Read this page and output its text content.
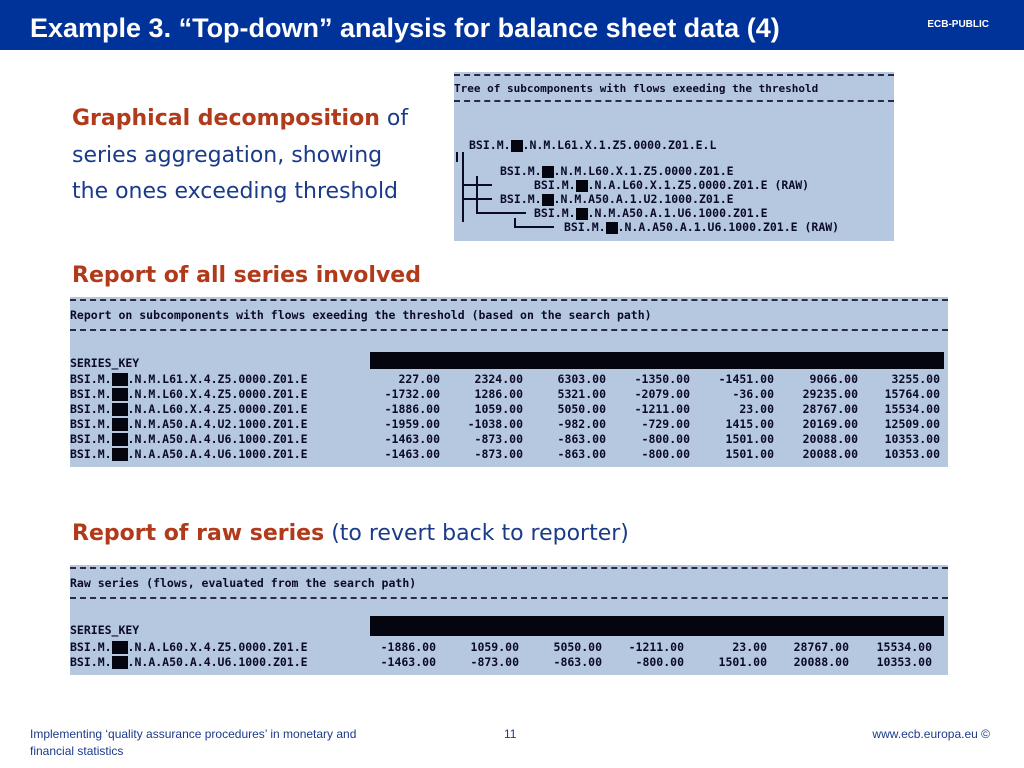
Example 3. “Top-down” analysis for balance sheet data (4)	ECB-PUBLIC
Graphical decomposition of
series aggregation, showing
the ones exceeding threshold
Tree of subcomponents with flows exeeding the threshold
BSI.M. .N.M.L61.X.1.Z5.0000.Z01.E.L
BSI.M. .N.M.L60.X.1.Z5.0000.Z01.E
BSI.M. .N.A.L60.X.1.Z5.0000.Z01.E (RAW)
BSI.M. .N.M.A50.A.1.U2.1000.Z01.E
BSI.M. .N.M.A50.A.1.U6.1000.Z01.E
BSI.M. .N.A.A50.A.1.U6.1000.Z01.E (RAW)
Report of all series involved
Report on subcomponents with flows exeeding the threshold (based on the search path)
SERIES_KEY
BSI.M. .N.M.L61.X.4.Z5.0000.Z01.E	227.00	2324.00	6303.00 -1350.00 -1451.00	9066.00	3255.00
BSI.M. .N.M.L60.X.4.Z5.0000.Z01.E	-1732.00	1286.00	5321.00 -2079.00	-36.00 29235.00 15764.00
BSI.M. .N.A.L60.X.4.Z5.0000.Z01.E	-1886.00	1059.00	5050.00 -1211.00	23.00 28767.00 15534.00
BSI.M. .N.M.A50.A.4.U2.1000.Z01.E	-1959.00 -1038.00	-982.00	-729.00	1415.00 20169.00 12509.00
BSI.M. .N.M.A50.A.4.U6.1000.Z01.E	-1463.00	-873.00	-863.00	-800.00	1501.00 20088.00 10353.00
BSI.M. .N.A.A50.A.4.U6.1000.Z01.E	-1463.00	-873.00	-863.00	-800.00	1501.00 20088.00 10353.00
Report of raw series (to revert back to reporter)
Raw series (flows, evaluated from the search path)
SERIES_KEY
BSI.M. .N.A.L60.X.4.Z5.0000.Z01.E	-1886.00	1059.00	5050.00 -1211.00	23.00 28767.00 15534.00
BSI.M. .N.A.A50.A.4.U6.1000.Z01.E	-1463.00	-873.00	-863.00	-800.00	1501.00 20088.00 10353.00
Implementing ‘quality assurance procedures’ in monetary and
financial statistics
11	www.ecb.europa.eu ©
